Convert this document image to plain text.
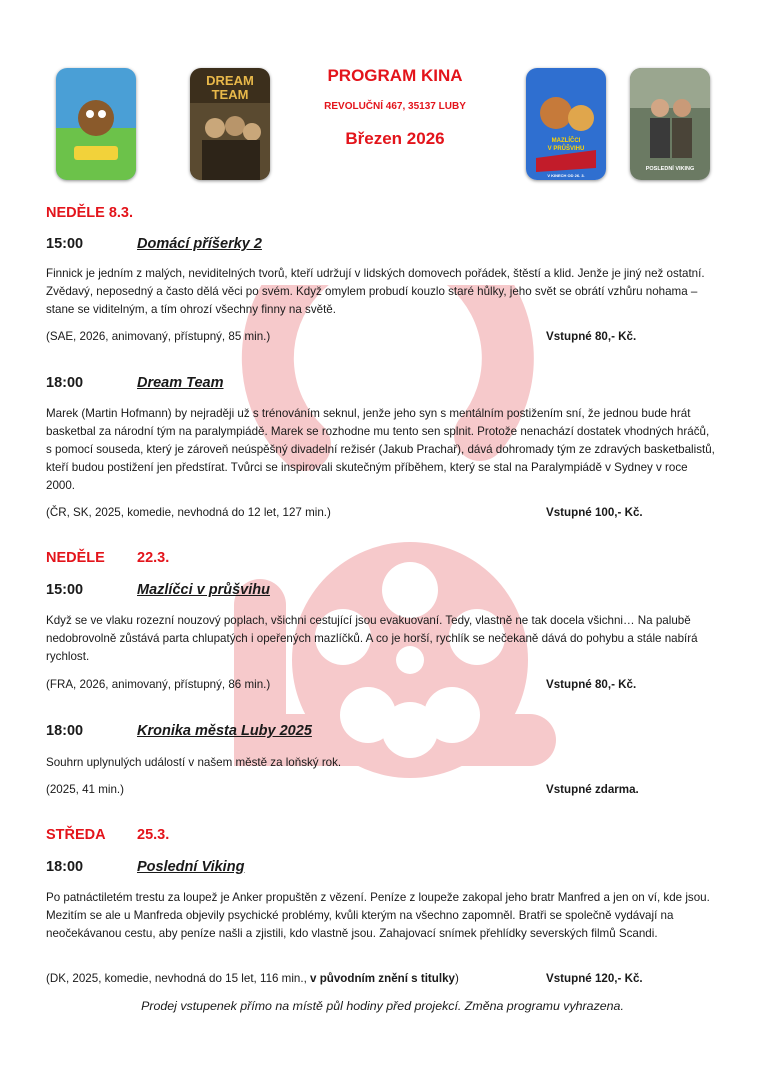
DREAM
TEAM
MAZLÍČCI
V PRŮŠVIHU
V KINECH OD 26. 3.
POSLEDNÍ VIKING
PROGRAM KINA
REVOLUČNÍ 467, 35137 LUBY
Březen 2026
NEDĚLE 8.3.
15:00	Domácí příšerky 2
Finnick je jedním z malých, neviditelných tvorů, kteří udržují v lidských domovech pořádek, štěstí a klid. Jenže je jiný než ostatní. Zvědavý, neposedný a často dělá věci po svém. Když omylem probudí kouzlo staré hůlky, jeho svět se obrátí vzhůru nohama – stane se viditelným, a tím ohrozí všechny finny na světě.
(SAE, 2026, animovaný, přístupný, 85 min.)	Vstupné 80,- Kč.
18:00	Dream Team
Marek (Martin Hofmann) by nejraději už s trénováním seknul, jenže jeho syn s mentálním postižením sní, že jednou bude hrát basketbal za národní tým na paralympiádě. Marek se rozhodne mu tento sen splnit. Protože nenachází dostatek vhodných hráčů, s pomocí souseda, který je zároveň neúspěšný divadelní režisér (Jakub Prachař), dává dohromady tým ze zdravých basketbalistů, kteří budou postižení jen předstírat. Tvůrci se inspirovali skutečným příběhem, který se stal na Paralympiádě v Sydney v roce 2000.
(ČR, SK, 2025, komedie, nevhodná do 12 let, 127 min.)	Vstupné 100,- Kč.
NEDĚLE 22.3.
15:00	Mazlíčci v průšvihu
Když se ve vlaku rozezní nouzový poplach, všichni cestující jsou evakuovaní. Tedy, vlastně ne tak docela všichni… Na palubě nedobrovolně zůstává parta chlupatých i opeřených mazlíčků. A co je horší, rychlík se nečekaně dává do pohybu a stále nabírá rychlost.
(FRA, 2026, animovaný, přístupný, 86 min.)	Vstupné 80,- Kč.
18:00	Kronika města Luby 2025
Souhrn uplynulých událostí v našem městě za loňský rok.
(2025, 41 min.)	Vstupné zdarma.
STŘEDA 25.3.
18:00	Poslední Viking
Po patnáctiletém trestu za loupež je Anker propuštěn z vězení. Peníze z loupeže zakopal jeho bratr Manfred a jen on ví, kde jsou. Mezitím se ale u Manfreda objevily psychické problémy, kvůli kterým na všechno zapomněl. Bratři se společně vydávají na neočekávanou cestu, aby peníze našli a zjistili, kdo vlastně jsou. Zahajovací snímek přehlídky severských filmů Scandi.
(DK, 2025, komedie, nevhodná do 15 let, 116 min., v původním znění s titulky)	Vstupné 120,- Kč.
Prodej vstupenek přímo na místě půl hodiny před projekcí. Změna programu vyhrazena.
